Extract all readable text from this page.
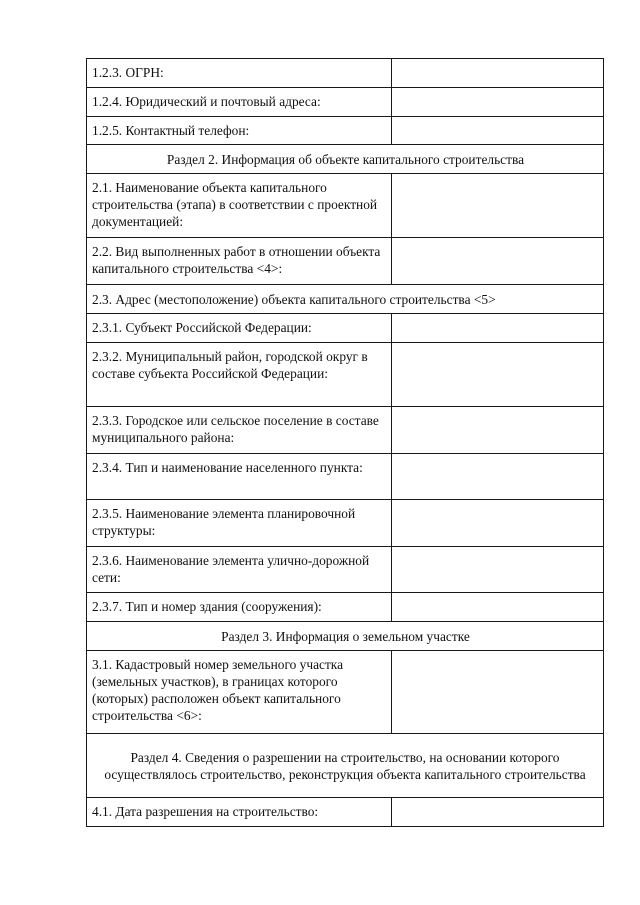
1.2.3. ОГРН:	

1.2.4. Юридический и почтовый адреса:	

1.2.5. Контактный телефон:	

Раздел 2. Информация об объекте капитального строительства	

2.1. Наименование объекта капитального строительства (этапа) в соответствии с проектной документацией:	

2.2. Вид выполненных работ в отношении объекта капитального строительства <4>:	

2.3. Адрес (местоположение) объекта капитального строительства <5>	

2.3.1. Субъект Российской Федерации:	

2.3.2. Муниципальный район, городской округ в составе субъекта Российской Федерации:	

2.3.3. Городское или сельское поселение в составе муниципального района:	

2.3.4. Тип и наименование населенного пункта:	

2.3.5. Наименование элемента планировочной структуры:	

2.3.6. Наименование элемента улично-дорожной сети:	

2.3.7. Тип и номер здания (сооружения):	

Раздел 3. Информация о земельном участке	

3.1. Кадастровый номер земельного участка (земельных участков), в границах которого (которых) расположен объект капитального строительства <6>:	

Раздел 4. Сведения о разрешении на строительство, на основании которого осуществлялось строительство, реконструкция объекта капитального строительства	

4.1. Дата разрешения на строительство:	
